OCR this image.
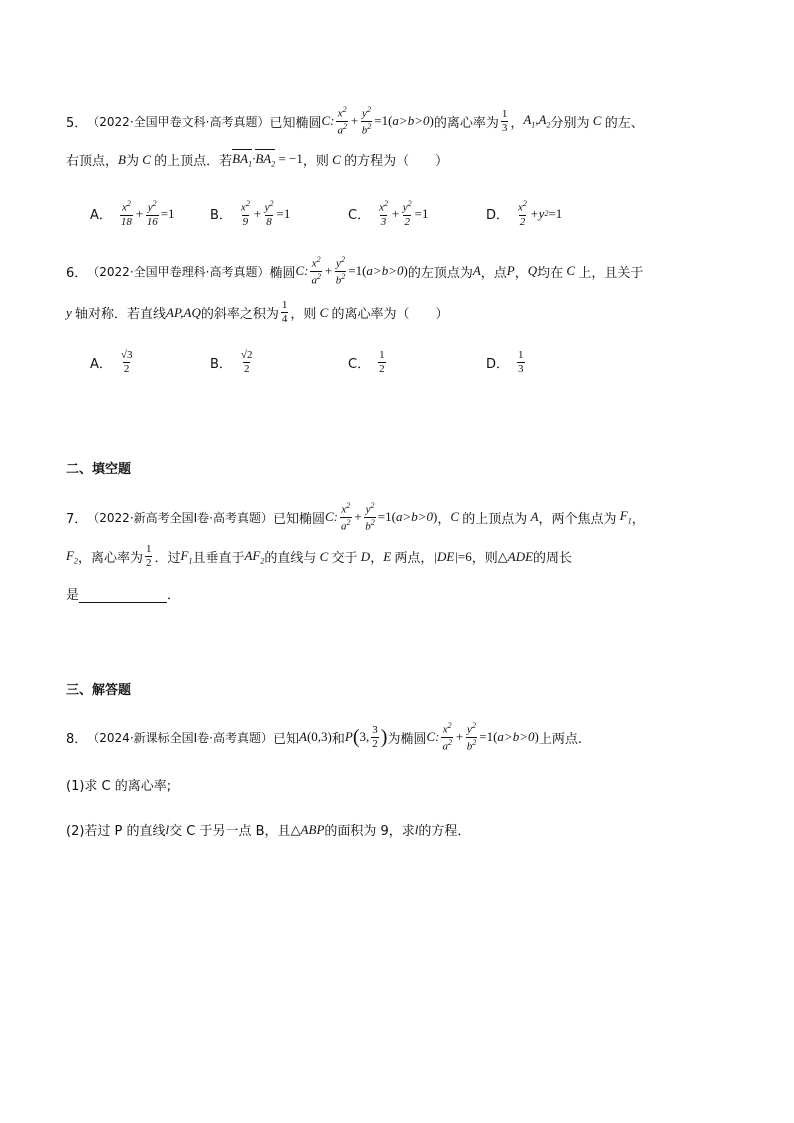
5． （2022·全国甲卷文科·高考真题） 已知椭圆 C: $\frac{x^2}{a^2} + \frac{y^2}{b^2} =1$( a>b>0 ) 的离心率为 $\frac{1}{3}$ ， $A_1,A_2$ 分别为 C 的左、
右顶点， B 为 C 的上顶点．若 $BA_1\cdot BA_2 = -1$ ，则 C 的方程为（　　）
A． $\frac{x^2}{18} + \frac{y^2}{16} =1$	B． $\frac{x^2}{9} + \frac{y^2}{8} =1$	C． $\frac{x^2}{3} + \frac{y^2}{2} =1$	D． $\frac{x^2}{2} +y$ 2 =1
6． （2022·全国甲卷理科·高考真题） 椭圆 C: $\frac{x^2}{a^2} + \frac{y^2}{b^2} =1$( a>b>0 ) 的左顶点为 A ，点 P ， Q 均在 C 上，且关于
y 轴对称．若直线 AP,AQ 的斜率之积为 $\frac{1}{4}$ ，则 C 的离心率为（　　）
A． $\frac{√3}{2}$	B． $\frac{√2}{2}$	C． $\frac{1}{2}$	D． $\frac{1}{3}$
二、填空题
7． （2022·新高考全国Ⅰ卷·高考真题） 已知椭圆 C: $\frac{x^2}{a^2} + \frac{y^2}{b^2} =1$( a>b>0 ) ， C 的上顶点为 A ，两个焦点为 $F_1$ ，
$F_2$ ，离心率为 $\frac{1}{2}$ ．过 $F_1$ 且垂直于 $AF_2$ 的直线与 C 交于 D ， E 两点， |DE| =6 ，则 △ADE 的周长
是	．
三、解答题
8． （2024·新课标全国Ⅰ卷·高考真题） 已知 A (0,3) 和 P ( 3, $\frac{3}{2}$ ) 为椭圆 C: $\frac{x^2}{a^2} + \frac{y^2}{b^2} =1$( a>b>0 ) 上两点.
(1)求 C 的离心率;
(2)若过 P 的直线 l 交 C 于另一点 B，且 △ABP 的面积为 9，求 l 的方程．
